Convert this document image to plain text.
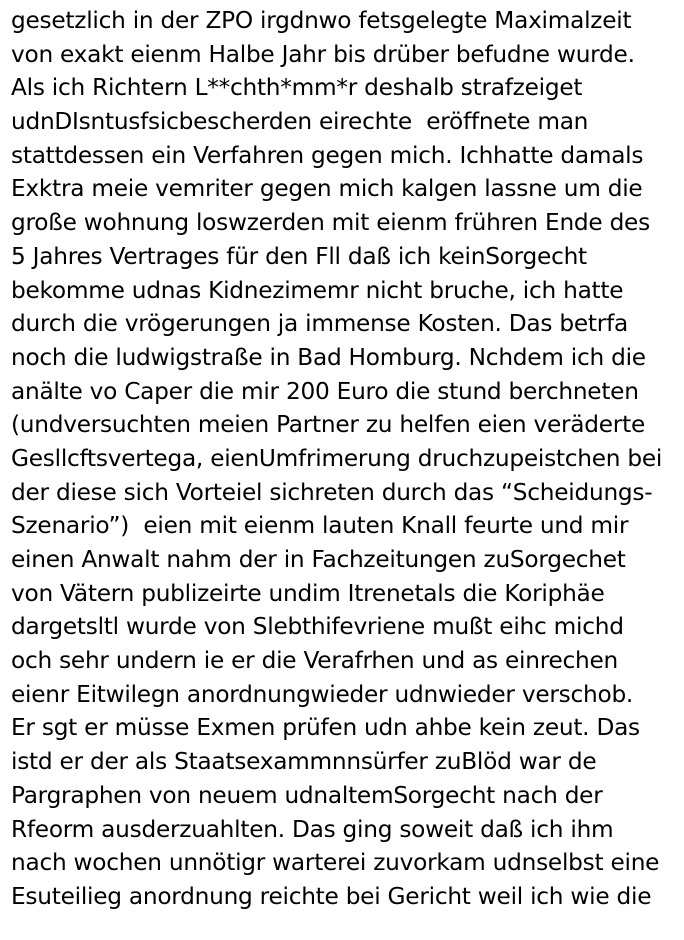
gesetzlich in der ZPO irgdnwo fetsgelegte Maximalzeit
von exakt eienm Halbe Jahr bis drüber befudne wurde.
Als ich Richtern L**chth*mm*r deshalb strafzeiget
udnDIsntusfsicbescherden eirechte  eröffnete man
stattdessen ein Verfahren gegen mich. Ichhatte damals
Exktra meie vemriter gegen mich kalgen lassne um die
große wohnung loswzerden mit eienm frühren Ende des
5 Jahres Vertrages für den Fll daß ich keinSorgecht
bekomme udnas Kidnezimemr nicht bruche, ich hatte
durch die vrögerungen ja immense Kosten. Das betrfa
noch die ludwigstraße in Bad Homburg. Nchdem ich die
anälte vo Caper die mir 200 Euro die stund berchneten
(undversuchten meien Partner zu helfen eien veräderte
Gesllcftsvertega, eienUmfrimerung druchzupeistchen bei
der diese sich Vorteiel sichreten durch das “Scheidungs-
Szenario”)  eien mit eienm lauten Knall feurte und mir
einen Anwalt nahm der in Fachzeitungen zuSorgechet
von Vätern publizeirte undim Itrenetals die Koriphäe
dargetsltl wurde von Slebthifevriene mußt eihc michd
och sehr undern ie er die Verafrhen und as einrechen
eienr Eitwilegn anordnungwieder udnwieder verschob.
Er sgt er müsse Exmen prüfen udn ahbe kein zeut. Das
istd er der als Staatsexammnnsürfer zuBlöd war de
Pargraphen von neuem udnaltemSorgecht nach der
Rfeorm ausderzuahlten. Das ging soweit daß ich ihm
nach wochen unnötigr warterei zuvorkam udnselbst eine
Esuteilieg anordnung reichte bei Gericht weil ich wie die
